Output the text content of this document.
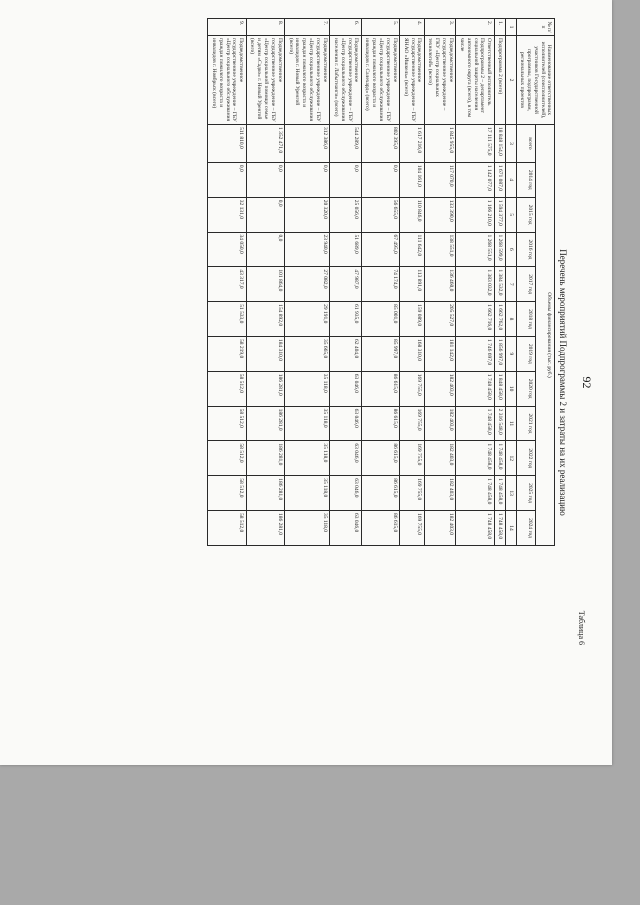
92
Таблица 6
Перечень мероприятий Подпрограммы 2 и затраты на их реализацию
№ п/п	Наименование ответственных исполнителей (соисполнителей), участников Государственной программы, подпрограмм, региональных проектов	Объемы финансирования (тыс. руб.)											
		всего	2014 год	2015 год	2016 год	2017 год	2018 год	2019 год	2020 год	2021 год	2022 год	2025 год	2024 год
1	2	3	4	5	6	7	8	9	10	11	12	13	14
1.	Подпрограмма 2 (всего)	18 848 154,0	1 671 087,0	1 594 377,0	1 268 599,0	1 384 532,0	1 662 762,0	1 856 997,0	1 848 458,0	2 316 548,0	1 748 458,0	1 748 458,0	1 748 458,0
2.	Ответственный исполнитель Подпрограммы 2 – департамент социальной защиты населения автономного округа (всего), в том числе	17 111 575,0	1 142 077,0	1 166 210,0	1 268 551,0	1 383 032,0	1 662 716,0	1 746 697,0	1 748 458,0	1 748 458,0	1 748 458,0	1 748 458,0	1 748 458,0
3.	Подведомственное государственное учреждение – ГКУ «Центр социальных технологий» (всего)	1 845 955,0	117 070,0	133 390,0	138 551,0	136 460,0	205 527,0	181 142,0	182 403,0	182 403,0	182 403,0	182 403,0	182 403,0
4.	Подведомственное государственное учреждение – ГБУ ЯНАО «Ишкель» (всего)	1 617 216,0	104 161,0	110 846,0	111 642,0	113 891,0	159 089,0	168 310,0	169 755,0	169 755,0	169 755,0	169 755,0	169 755,0
5.	Подведомственное государственное учреждение – ГБУ «Центр социального обслуживания граждан пожилого возраста и инвалидов г. Салехард» (всего)	802 395,0	0,0	56 655,0	67 495,0	74 174,0	85 001,0	85 997,0	86 615,0	86 615,0	86 615,0	86 615,0	86 615,0
6.	Подведомственное государственное учреждение – ГБУ «Центр социального обслуживания населения г. Лабытнанги» (всего)	544 289,0	0,0	25 056,0	51 689,0	47 987,0	61 935,0	62 404,0	63 046,0	63 046,0	63 046,0	63 046,0	63 046,0
7.	Подведомственное государственное учреждение – ГБУ «Центр социального обслуживания граждан пожилого возраста и инвалидов г. Новый Уренгой (всего)	312 386,0	0,0	20 320,0	23 940,0	27 082,0	29 191,0	35 665,0	35 118,0	35 118,0	35 118,0	35 118,0	35 118,0
8.	Подведомственное государственное учреждение – ГБУ «Центр социальной помощи семье и детям «Садко» г. Новый Уренгой (всего)	1 352 471,0	0,0	0,0	0,0	101 864,0	154 892,0	184 310,0	186 281,0	186 281,0	186 281,0	186 281,0	186 281,0
9.	Подведомственное государственное учреждение – ГБУ «Центр социального обслуживания граждан пожилого возраста и инвалидов г. Ноябрьск (всего)	511 810,0	0,0	32 131,0	34 050,0	43 317,0	51 533,0	58 219,0	58 512,0	58 512,0	58 512,0	58 512,0	58 512,0
